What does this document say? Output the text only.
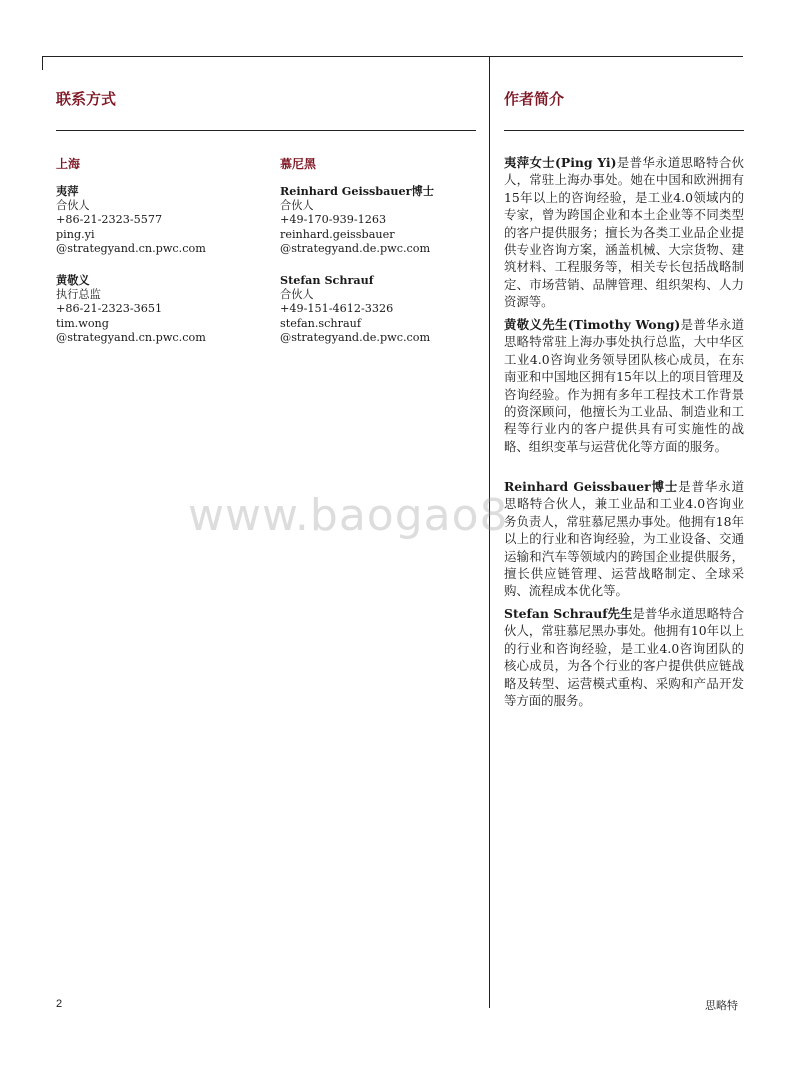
联系方式	作者简介
上海	慕尼黑
夷萍
合伙人
+86-21-2323-5577
ping.yi
@strategyand.cn.pwc.com
黄敬义
执行总监
+86-21-2323-3651
tim.wong
@strategyand.cn.pwc.com
Reinhard Geissbauer博士
合伙人
+49-170-939-1263
reinhard.geissbauer
@strategyand.de.pwc.com
Stefan Schrauf
合伙人
+49-151-4612-3326
stefan.schrauf
@strategyand.de.pwc.com

夷萍女士(Ping Yi)是普华永道思略特合伙人，常驻上海办事处。她在中国和欧洲拥有15年以上的咨询经验，是工业4.0领域内的专家，曾为跨国企业和本土企业等不同类型的客户提供服务；擅长为各类工业品企业提供专业咨询方案，涵盖机械、大宗货物、建筑材料、工程服务等，相关专长包括战略制定、市场营销、品牌管理、组织架构、人力资源等。

黄敬义先生(Timothy Wong)是普华永道思略特常驻上海办事处执行总监，大中华区工业4.0咨询业务领导团队核心成员，在东南亚和中国地区拥有15年以上的项目管理及咨询经验。作为拥有多年工程技术工作背景的资深顾问，他擅长为工业品、制造业和工程等行业内的客户提供具有可实施性的战略、组织变革与运营优化等方面的服务。

Reinhard Geissbauer博士是普华永道思略特合伙人，兼工业品和工业4.0咨询业务负责人，常驻慕尼黑办事处。他拥有18年以上的行业和咨询经验，为工业设备、交通运输和汽车等领域内的跨国企业提供服务，擅长供应链管理、运营战略制定、全球采购、流程成本优化等。

Stefan Schrauf先生是普华永道思略特合伙人，常驻慕尼黑办事处。他拥有10年以上的行业和咨询经验，是工业4.0咨询团队的核心成员，为各个行业的客户提供供应链战略及转型、运营模式重构、采购和产品开发等方面的服务。

www.baogao8
2	思略特
